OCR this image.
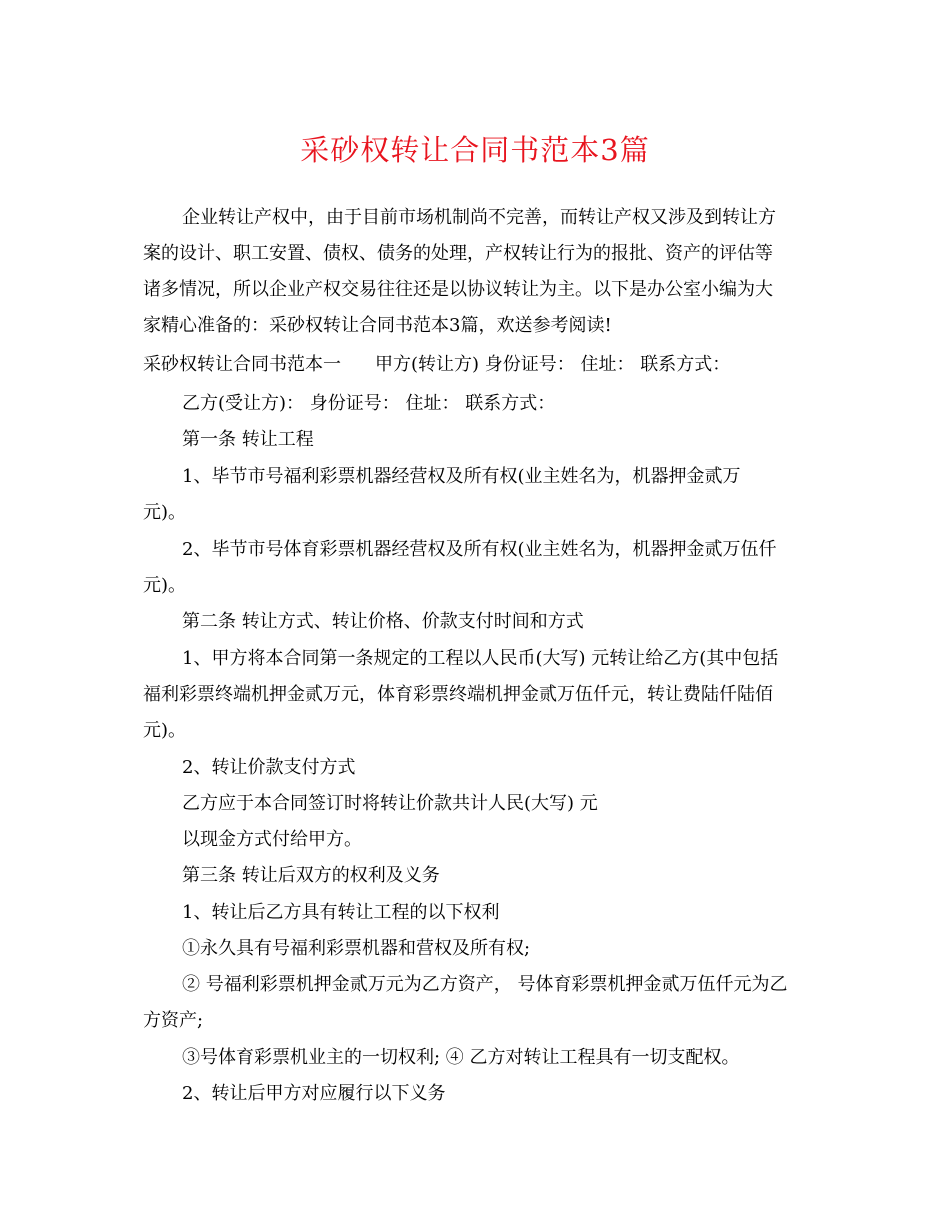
采砂权转让合同书范本3篇
企业转让产权中，由于目前市场机制尚不完善，而转让产权又涉及到转让方
案的设计、职工安置、债权、债务的处理，产权转让行为的报批、资产的评估等
诸多情况，所以企业产权交易往往还是以协议转让为主。以下是办公室小编为大
家精心准备的：采砂权转让合同书范本3篇，欢送参考阅读!
采砂权转让合同书范本一 甲方(转让方) 身份证号： 住址： 联系方式：
乙方(受让方)： 身份证号： 住址： 联系方式：
第一条 转让工程
1、毕节市号福利彩票机器经营权及所有权(业主姓名为，机器押金贰万
元)。
2、毕节市号体育彩票机器经营权及所有权(业主姓名为，机器押金贰万伍仟
元)。
第二条 转让方式、转让价格、价款支付时间和方式
1、甲方将本合同第一条规定的工程以人民币(大写) 元转让给乙方(其中包括
福利彩票终端机押金贰万元，体育彩票终端机押金贰万伍仟元，转让费陆仟陆佰
元)。
2、转让价款支付方式
乙方应于本合同签订时将转让价款共计人民(大写) 元
以现金方式付给甲方。
第三条 转让后双方的权利及义务
1、转让后乙方具有转让工程的以下权利
①永久具有号福利彩票机器和营权及所有权;
② 号福利彩票机押金贰万元为乙方资产， 号体育彩票机押金贰万伍仟元为乙
方资产;
③号体育彩票机业主的一切权利; ④ 乙方对转让工程具有一切支配权。
2、转让后甲方对应履行以下义务
